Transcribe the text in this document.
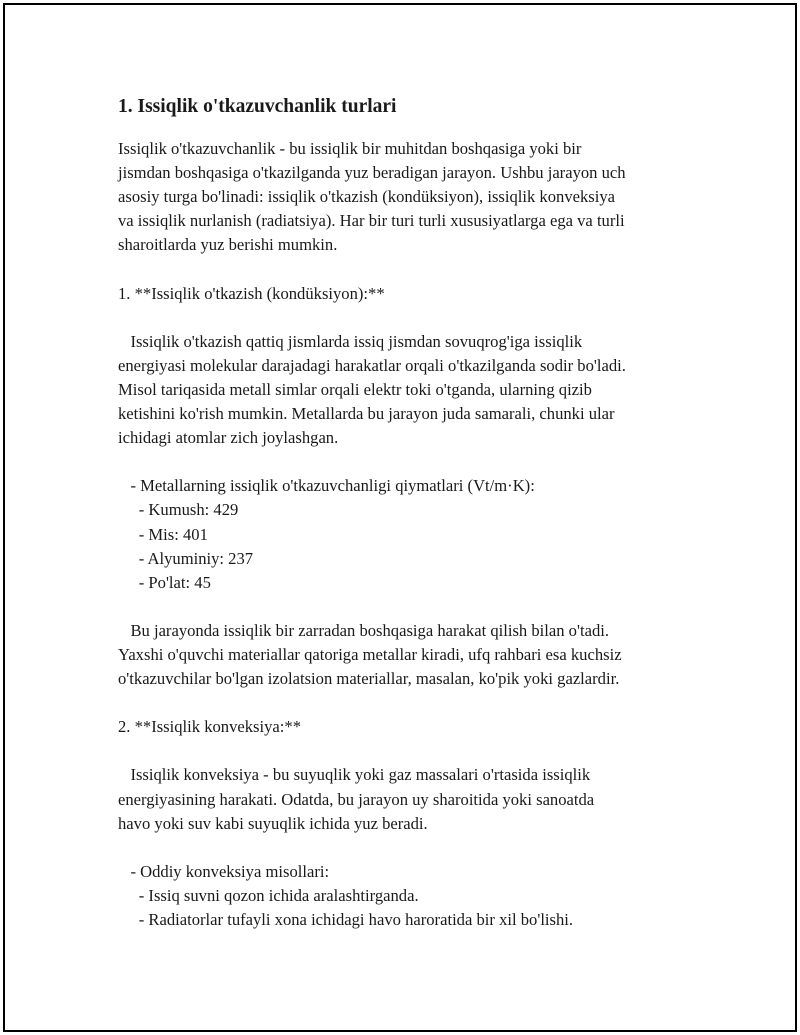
1. Issiqlik o'tkazuvchanlik turlari
Issiqlik o'tkazuvchanlik - bu issiqlik bir muhitdan boshqasiga yoki bir
jismdan boshqasiga o'tkazilganda yuz beradigan jarayon. Ushbu jarayon uch
asosiy turga bo'linadi: issiqlik o'tkazish (kondüksiyon), issiqlik konveksiya
va issiqlik nurlanish (radiatsiya). Har bir turi turli xususiyatlarga ega va turli
sharoitlarda yuz berishi mumkin.
1. **Issiqlik o'tkazish (kondüksiyon):**
Issiqlik o'tkazish qattiq jismlarda issiq jismdan sovuqrog'iga issiqlik
energiyasi molekular darajadagi harakatlar orqali o'tkazilganda sodir bo'ladi.
Misol tariqasida metall simlar orqali elektr toki o'tganda, ularning qizib
ketishini ko'rish mumkin. Metallarda bu jarayon juda samarali, chunki ular
ichidagi atomlar zich joylashgan.
- Metallarning issiqlik o'tkazuvchanligi qiymatlari (Vt/m·K):
- Kumush: 429
- Mis: 401
- Alyuminiy: 237
- Po'lat: 45
Bu jarayonda issiqlik bir zarradan boshqasiga harakat qilish bilan o'tadi.
Yaxshi o'quvchi materiallar qatoriga metallar kiradi, ufq rahbari esa kuchsiz
o'tkazuvchilar bo'lgan izolatsion materiallar, masalan, ko'pik yoki gazlardir.
2. **Issiqlik konveksiya:**
Issiqlik konveksiya - bu suyuqlik yoki gaz massalari o'rtasida issiqlik
energiyasining harakati. Odatda, bu jarayon uy sharoitida yoki sanoatda
havo yoki suv kabi suyuqlik ichida yuz beradi.
- Oddiy konveksiya misollari:
- Issiq suvni qozon ichida aralashtirganda.
- Radiatorlar tufayli xona ichidagi havo haroratida bir xil bo'lishi.
